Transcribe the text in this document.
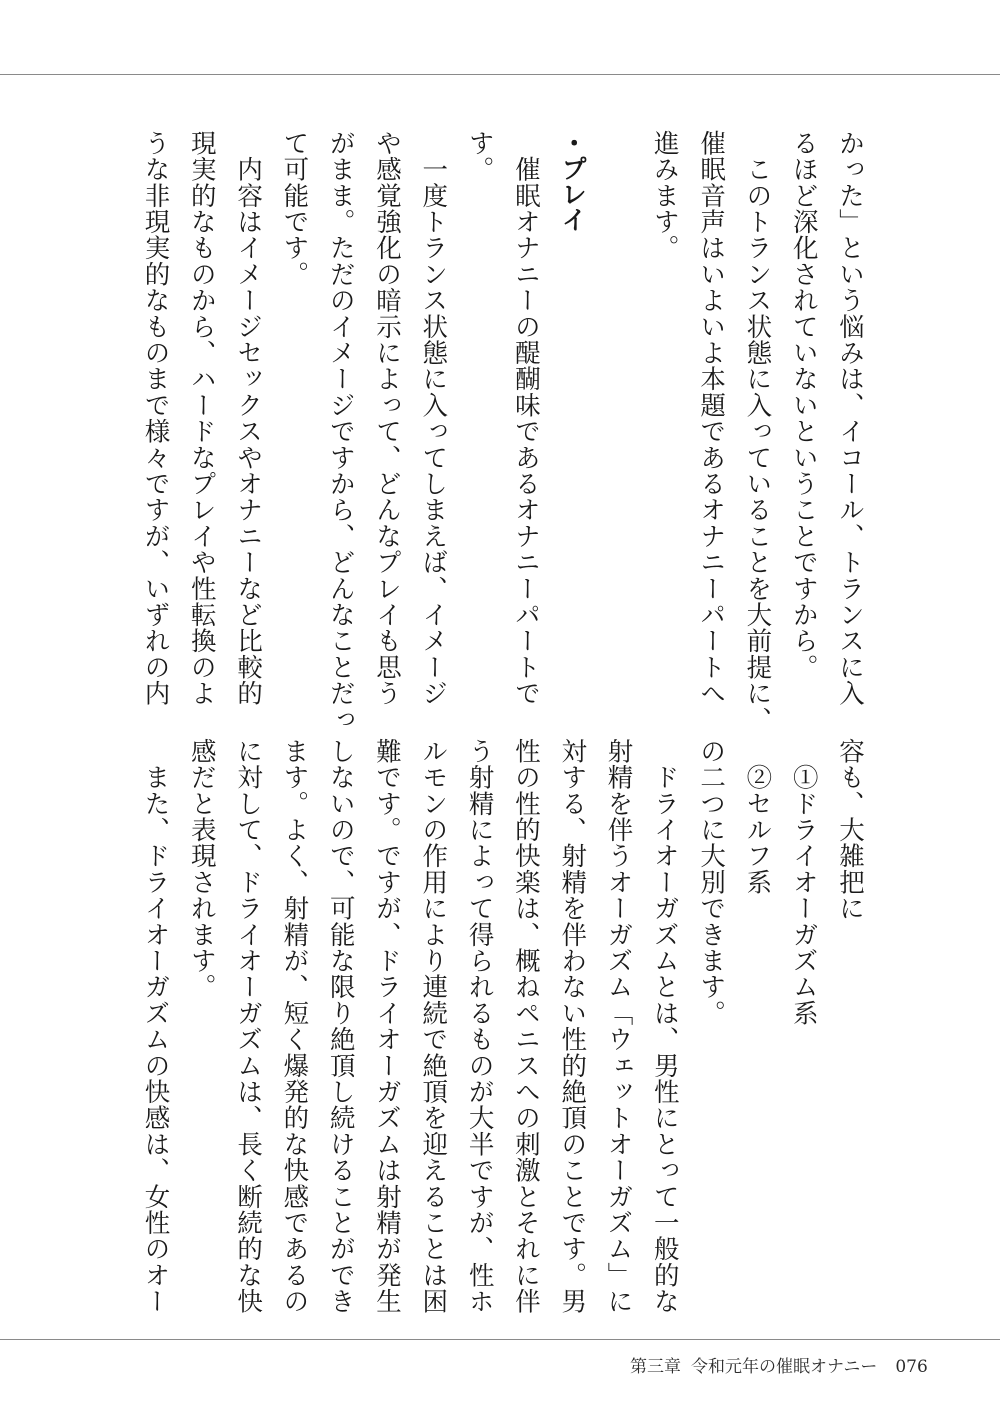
かった」という悩みは、イコール、トランスに入
るほど深化されていないということですから。
　このトランス状態に入っていることを大前提に、
催眠音声はいよいよ本題であるオナニーパートへ
進みます。
・プレイ
　催眠オナニーの醍醐味であるオナニーパートで
す。
　一度トランス状態に入ってしまえば、イメージ
や感覚強化の暗示によって、どんなプレイも思う
がまま。ただのイメージですから、どんなことだっ
て可能です。
　内容はイメージセックスやオナニーなど比較的
現実的なものから、ハードなプレイや性転換のよ
うな非現実的なものまで様々ですが、いずれの内
容も、大雑把に
　①ドライオーガズム系
　②セルフ系
の二つに大別できます。
　ドライオーガズムとは、男性にとって一般的な
射精を伴うオーガズム「ウェットオーガズム」に
対する、射精を伴わない性的絶頂のことです。男
性の性的快楽は、概ねペニスへの刺激とそれに伴
う射精によって得られるものが大半ですが、性ホ
ルモンの作用により連続で絶頂を迎えることは困
難です。ですが、ドライオーガズムは射精が発生
しないので、可能な限り絶頂し続けることができ
ます。よく、射精が、短く爆発的な快感であるの
に対して、ドライオーガズムは、長く断続的な快
感だと表現されます。
　また、ドライオーガズムの快感は、女性のオー
第三章 令和元年の催眠オナニー 076
